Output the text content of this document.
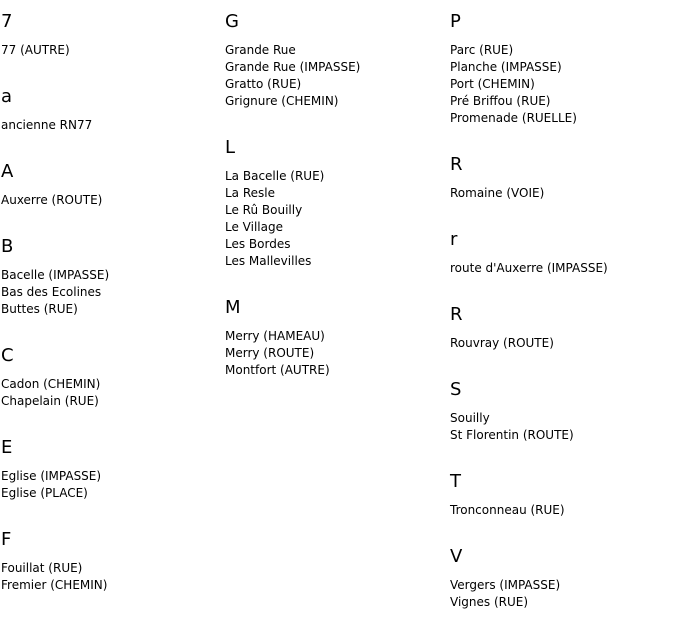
7
77 (AUTRE)
a
ancienne RN77
A
Auxerre (ROUTE)
B
Bacelle (IMPASSE)
Bas des Ecolines
Buttes (RUE)
C
Cadon (CHEMIN)
Chapelain (RUE)
E
Eglise (IMPASSE)
Eglise (PLACE)
F
Fouillat (RUE)
Fremier (CHEMIN)
G
Grande Rue
Grande Rue (IMPASSE)
Gratto (RUE)
Grignure (CHEMIN)
L
La Bacelle (RUE)
La Resle
Le Rû Bouilly
Le Village
Les Bordes
Les Mallevilles
M
Merry (HAMEAU)
Merry (ROUTE)
Montfort (AUTRE)
P
Parc (RUE)
Planche (IMPASSE)
Port (CHEMIN)
Pré Briffou (RUE)
Promenade (RUELLE)
R
Romaine (VOIE)
r
route d'Auxerre (IMPASSE)
R
Rouvray (ROUTE)
S
Souilly
St Florentin (ROUTE)
T
Tronconneau (RUE)
V
Vergers (IMPASSE)
Vignes (RUE)
